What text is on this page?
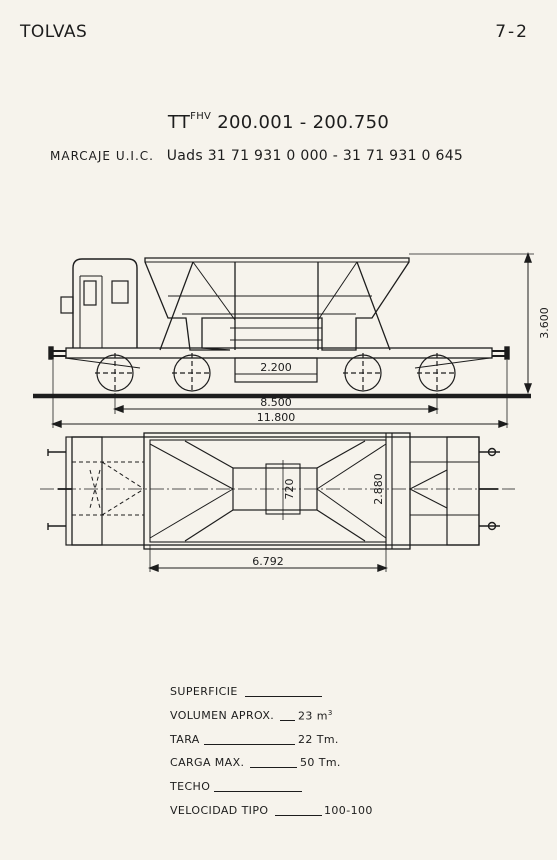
TOLVAS	7-2
$TT^{FHV}$ 200.001 - 200.750
MARCAJE U.I.C. Uads 31 71 931 0 000 - 31 71 931 0 645
3.600
2.200
8.500
11.800
720	2.880
6.792
SUPERFICIE
VOLUMEN APROX. 23 $m^3$
TARA	22 Tm.
CARGA MAX.	50 Tm.
TECHO
VELOCIDAD TIPO	100-100
